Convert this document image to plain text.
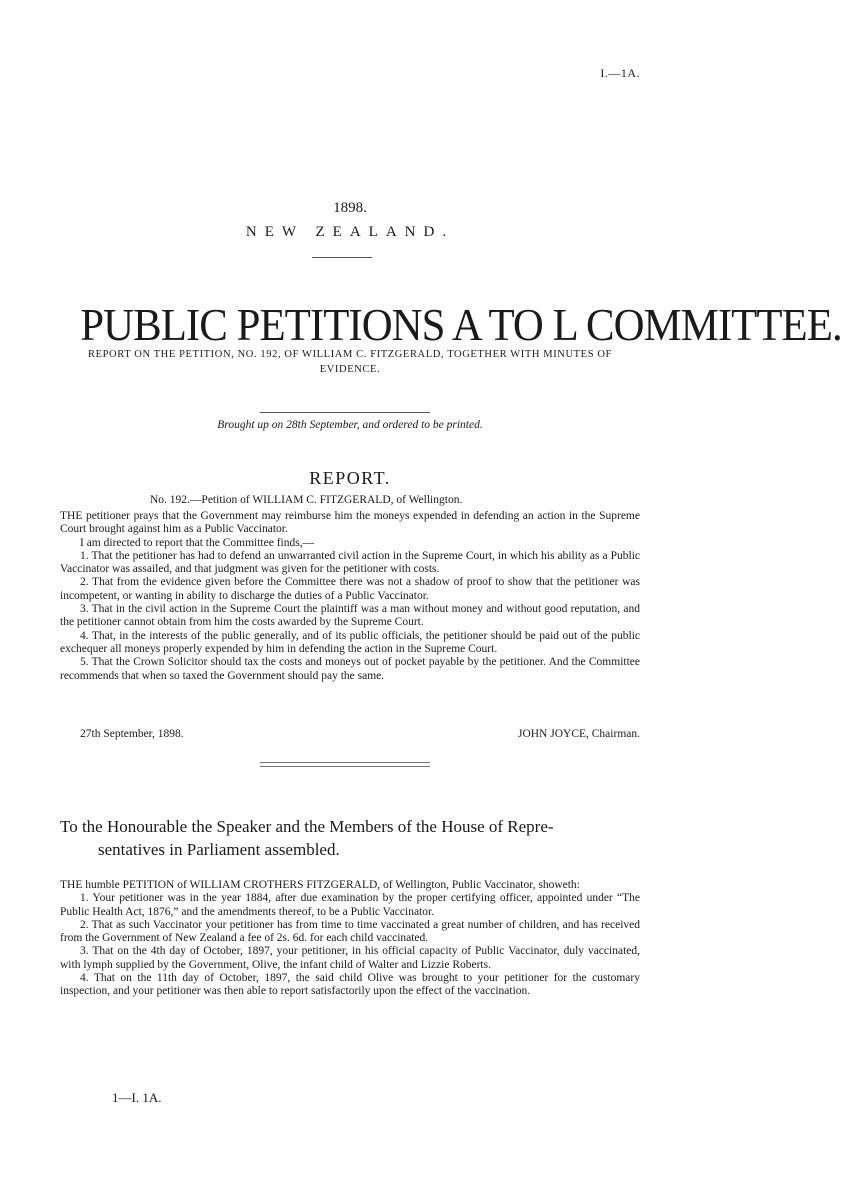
I.—1A.
1898.
NEW ZEALAND.
PUBLIC PETITIONS A TO L COMMITTEE.
REPORT ON THE PETITION, NO. 192, OF WILLIAM C. FITZGERALD, TOGETHER WITH MINUTES OF EVIDENCE.
Brought up on 28th September, and ordered to be printed.
REPORT.
No. 192.—Petition of WILLIAM C. FITZGERALD, of Wellington.

THE petitioner prays that the Government may reimburse him the moneys expended in defending an action in the Supreme Court brought against him as a Public Vaccinator.

I am directed to report that the Committee finds,—

1. That the petitioner has had to defend an unwarranted civil action in the Supreme Court, in which his ability as a Public Vaccinator was assailed, and that judgment was given for the petitioner with costs.

2. That from the evidence given before the Committee there was not a shadow of proof to show that the petitioner was incompetent, or wanting in ability to discharge the duties of a Public Vaccinator.

3. That in the civil action in the Supreme Court the plaintiff was a man without money and without good reputation, and the petitioner cannot obtain from him the costs awarded by the Supreme Court.

4. That, in the interests of the public generally, and of its public officials, the petitioner should be paid out of the public exchequer all moneys properly expended by him in defending the action in the Supreme Court.

5. That the Crown Solicitor should tax the costs and moneys out of pocket payable by the petitioner. And the Committee recommends that when so taxed the Government should pay the same.

27th September, 1898.	JOHN JOYCE, Chairman.
To the Honourable the Speaker and the Members of the House of Repre-
sentatives in Parliament assembled.

THE humble PETITION of WILLIAM CROTHERS FITZGERALD, of Wellington, Public Vaccinator, showeth:

1. Your petitioner was in the year 1884, after due examination by the proper certifying officer, appointed under “The Public Health Act, 1876,” and the amendments thereof, to be a Public Vaccinator.

2. That as such Vaccinator your petitioner has from time to time vaccinated a great number of children, and has received from the Government of New Zealand a fee of 2s. 6d. for each child vaccinated.

3. That on the 4th day of October, 1897, your petitioner, in his official capacity of Public Vaccinator, duly vaccinated, with lymph supplied by the Government, Olive, the infant child of Walter and Lizzie Roberts.

4. That on the 11th day of October, 1897, the said child Olive was brought to your petitioner for the customary inspection, and your petitioner was then able to report satisfactorily upon the effect of the vaccination.

1—I. 1A.
